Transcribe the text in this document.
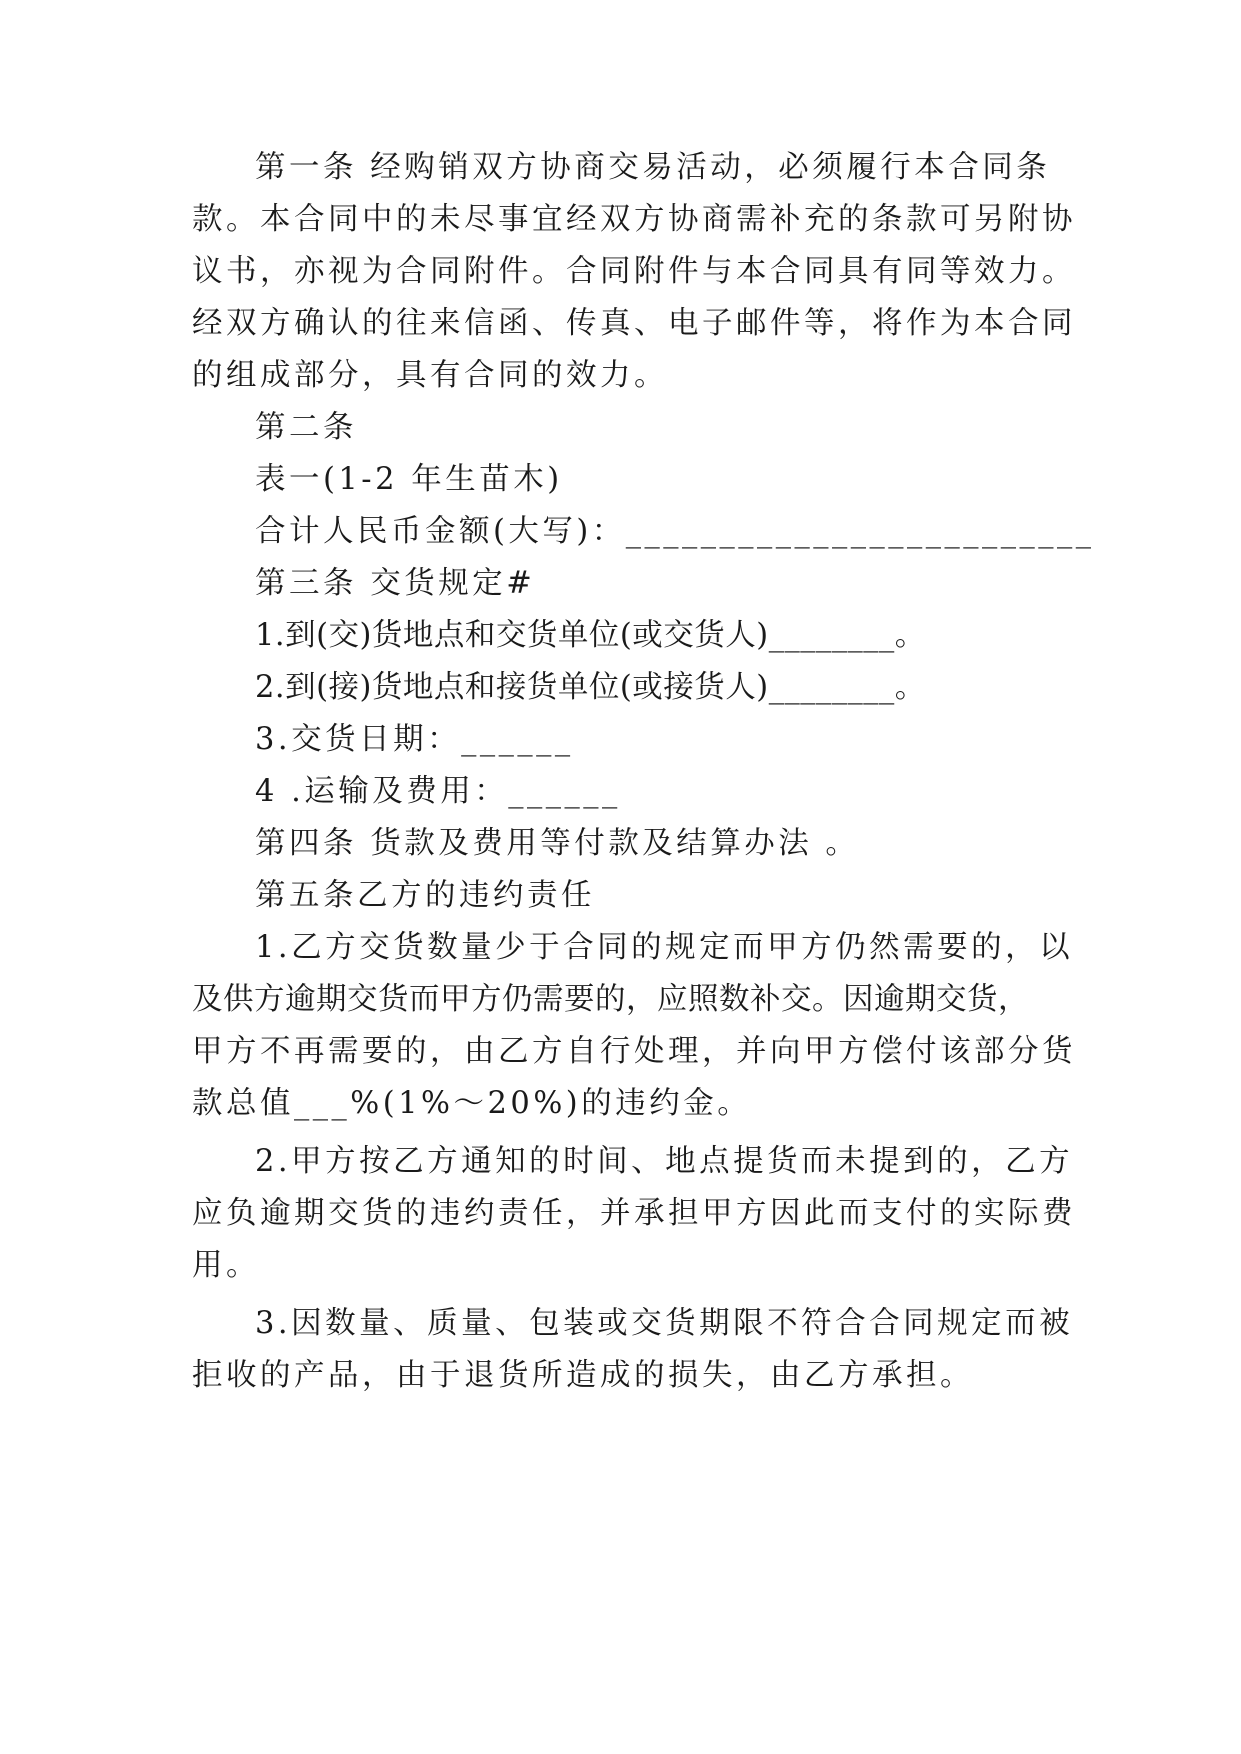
第一条 经购销双方协商交易活动，必须履行本合同条
款。本合同中的未尽事宜经双方协商需补充的条款可另附协
议书，亦视为合同附件。合同附件与本合同具有同等效力。
经双方确认的往来信函、传真、电子邮件等，将作为本合同
的组成部分，具有合同的效力。
第二条
表一(1-2 年生苗木)
合计人民币金额(大写)：_________________________
第三条 交货规定#
1.到(交)货地点和交货单位(或交货人)________。
2.到(接)货地点和接货单位(或接货人)________。
3.交货日期：______
4 .运输及费用：______
第四条 货款及费用等付款及结算办法 。
第五条乙方的违约责任
1.乙方交货数量少于合同的规定而甲方仍然需要的，以
及供方逾期交货而甲方仍需要的，应照数补交。因逾期交货，
甲方不再需要的，由乙方自行处理，并向甲方偿付该部分货
款总值___%(1%～20%)的违约金。
2.甲方按乙方通知的时间、地点提货而未提到的，乙方
应负逾期交货的违约责任，并承担甲方因此而支付的实际费
用。
3.因数量、质量、包装或交货期限不符合合同规定而被
拒收的产品，由于退货所造成的损失，由乙方承担。
